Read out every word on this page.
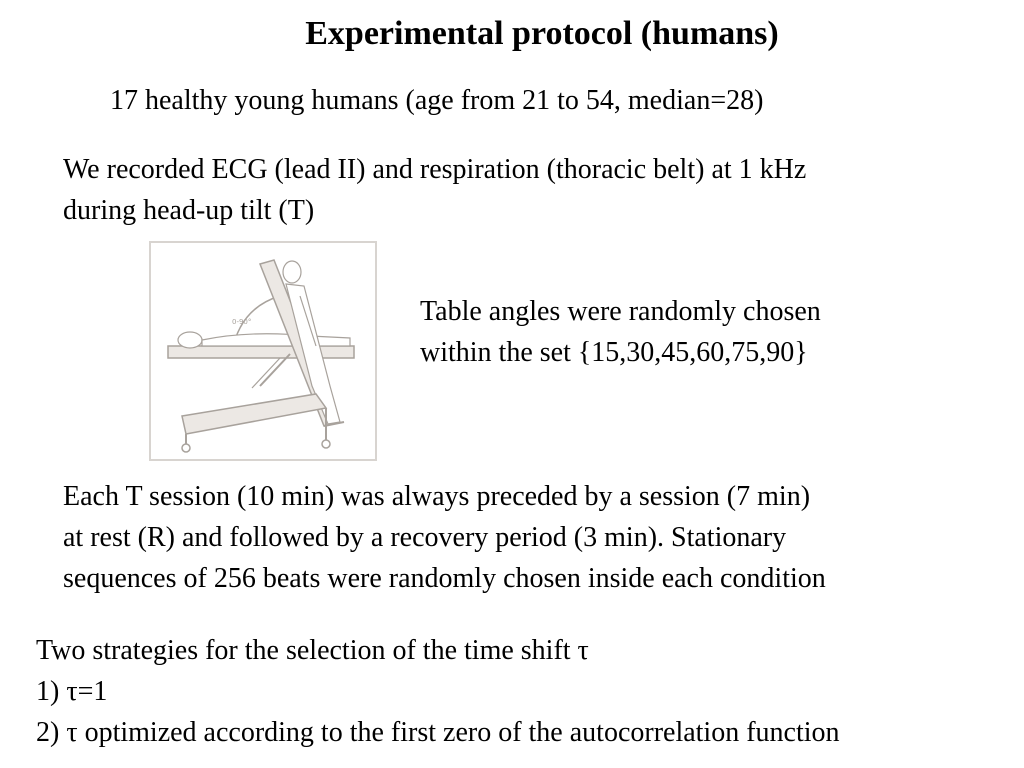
Experimental protocol (humans)

17 healthy young humans (age from 21 to 54, median=28)

We recorded ECG (lead II) and respiration (thoracic belt) at 1 kHz
during head-up tilt (T)

0-90°	Table angles were randomly chosen
within the set {15,30,45,60,75,90}

Each T session (10 min) was always preceded by a session (7 min)
at rest (R) and followed by a recovery period (3 min). Stationary
sequences of 256 beats were randomly chosen inside each condition

Two strategies for the selection of the time shift τ
1) τ=1
2) τ optimized according to the first zero of the autocorrelation function
